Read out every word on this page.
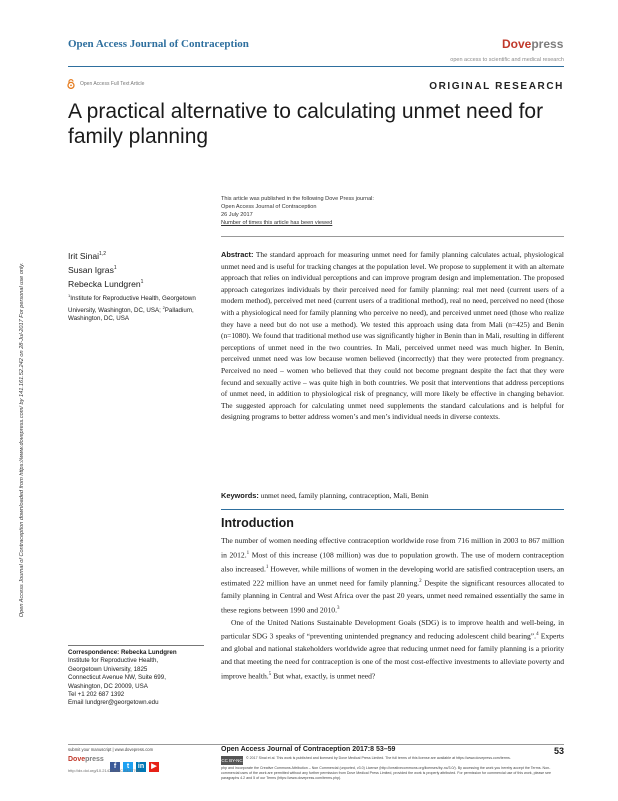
Open Access Journal of Contraception	Dovepress
open access to scientific and medical research
Open Access Full Text Article	ORIGINAL RESEARCH
A practical alternative to calculating unmet need for family planning
Open Access Journal of Contraception downloaded from https://www.dovepress.com/ by 141.161.52.242 on 28-Jul-2017 For personal use only.
This article was published in the following Dove Press journal:
Open Access Journal of Contraception
26 July 2017
Number of times this article has been viewed
Irit Sinai$^{1,2}$
Susan Igras$^1$
Rebecka Lundgren$^1$
$^1$Institute for Reproductive Health, Georgetown University, Washington, DC, USA; $^2$Palladium, Washington, DC, USA
Abstract: The standard approach for measuring unmet need for family planning calculates actual, physiological unmet need and is useful for tracking changes at the population level. We propose to supplement it with an alternate approach that relies on individual perceptions and can improve program design and implementation. The proposed approach categorizes individuals by their perceived need for family planning: real met need (current users of a modern method), perceived met need (current users of a traditional method), real no need, perceived no need (those with a physiological need for family planning who perceive no need), and perceived unmet need (those who realize they have a need but do not use a method). We tested this approach using data from Mali (n=425) and Benin (n=1080). We found that traditional method use was significantly higher in Benin than in Mali, resulting in different perceptions of unmet need in the two countries. In Mali, perceived unmet need was much higher. In Benin, perceived unmet need was low because women believed (incorrectly) that they were protected from pregnancy. Perceived no need – women who believed that they could not become pregnant despite the fact that they were fecund and sexually active – was quite high in both countries. We posit that interventions that address perceptions of unmet need, in addition to physiological risk of pregnancy, will more likely be effective in changing behavior. The suggested approach for calculating unmet need supplements the standard calculations and is helpful for designing programs to better address women’s and men’s individual needs in diverse contexts.
Keywords: unmet need, family planning, contraception, Mali, Benin
Introduction

The number of women needing effective contraception worldwide rose from 716 million in 2003 to 867 million in 2012.$^1$ Most of this increase (108 million) was due to population growth. The use of modern contraception also increased.$^1$ However, while millions of women in the developing world are satisfied contraception users, an estimated 222 million have an unmet need for family planning.$^2$ Despite the significant resources allocated to family planning in Central and West Africa over the past 20 years, unmet need remained essentially the same in these regions between 1990 and 2010.$^3$

One of the United Nations Sustainable Development Goals (SDG) is to improve health and well-being, in particular SDG 3 speaks of “preventing unintended pregnancy and reducing adolescent child bearing”.$^4$ Experts and global and national stakeholders worldwide agree that reducing unmet need for family planning is a priority and that meeting the need for contraception is one of the most cost-effective investments to alleviate poverty and improve health.$^5$ But what, exactly, is unmet need?

Correspondence: Rebecka Lundgren
Institute for Reproductive Health,
Georgetown University, 1825
Connecticut Avenue NW, Suite 699,
Washington, DC 20009, USA
Tel +1 202 687 1392
Email lundgrer@georgetown.edu
submit your manuscript | www.dovepress.com
Dovepress
f t in ▶
http://dx.doi.org/10.2147/OAJC.S137700
Open Access Journal of Contraception 2017:8 53–59	53
CC BY-NC © 2017 Sinai et al. This work is published and licensed by Dove Medical Press Limited. The full terms of this license are available at https://www.dovepress.com/terms.
php and incorporate the Creative Commons Attribution – Non Commercial (unported, v3.0) License (http://creativecommons.org/licenses/by-nc/3.0/). By accessing the work you hereby accept the Terms. Non-commercial uses of the work are permitted without any further permission from Dove Medical Press Limited, provided the work is properly attributed. For permission for commercial use of this work, please see paragraphs 4.2 and 5 of our Terms (https://www.dovepress.com/terms.php).
